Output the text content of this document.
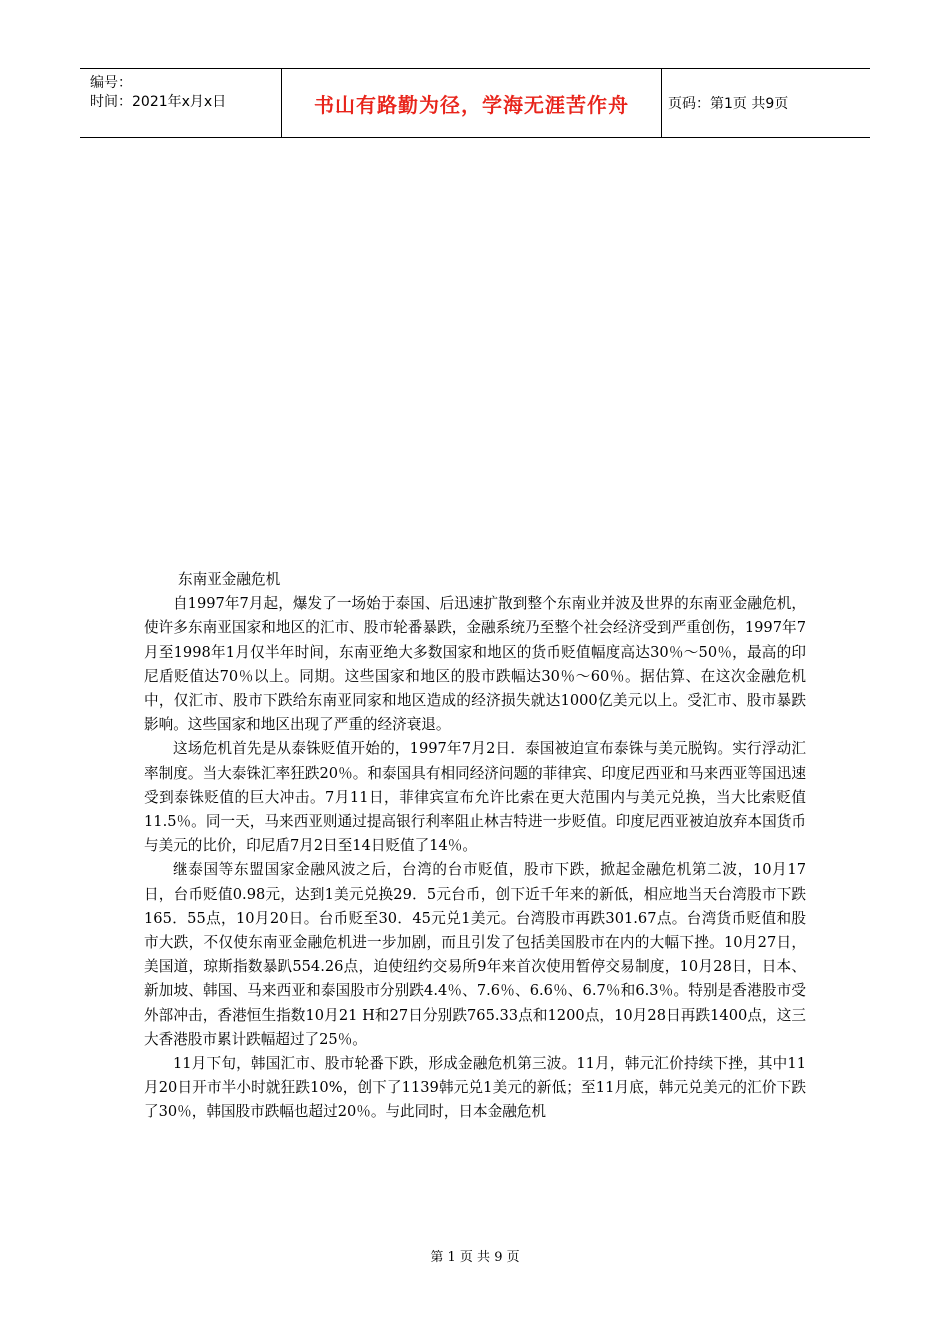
编号：
时间：2021年x月x日	书山有路勤为径，学海无涯苦作舟	页码：第1页 共9页

东南亚金融危机

自1997年7月起，爆发了一场始于泰国、后迅速扩散到整个东南业并波及世界的东南亚金融危机，使许多东南亚国家和地区的汇市、股市轮番暴跌，金融系统乃至整个社会经济受到严重创伤，1997年7月至1998年1月仅半年时间，东南亚绝大多数国家和地区的货币贬值幅度高达30％～50％，最高的印尼盾贬值达70％以上。同期。这些国家和地区的股市跌幅达30％～60％。据估算、在这次金融危机中，仅汇市、股市下跌给东南亚同家和地区造成的经济损失就达1000亿美元以上。受汇市、股市暴跌影响。这些国家和地区出现了严重的经济衰退。

这场危机首先是从泰铢贬值开始的，1997年7月2日．泰国被迫宣布泰铢与美元脱钩。实行浮动汇率制度。当大泰铢汇率狂跌20％。和泰国具有相同经济问题的菲律宾、印度尼西亚和马来西亚等国迅速受到泰铢贬值的巨大冲击。7月11日，菲律宾宣布允许比索在更大范围内与美元兑换，当大比索贬值11.5％。同一天，马来西亚则通过提高银行利率阻止林吉特进一步贬值。印度尼西亚被迫放弃本国货币与美元的比价，印尼盾7月2日至14日贬值了14％。

继泰国等东盟国家金融风波之后，台湾的台市贬值，股市下跌，掀起金融危机第二波，10月17日，台币贬值0.98元，达到1美元兑换29．5元台币，创下近千年来的新低，相应地当天台湾股市下跌165．55点，10月20日。台币贬至30．45元兑1美元。台湾股市再跌301.67点。台湾货币贬值和股市大跌，不仅使东南亚金融危机进一步加剧，而且引发了包括美国股市在内的大幅下挫。10月27日，美国道，琼斯指数暴趴554.26点，迫使纽约交易所9年来首次使用暂停交易制度，10月28日，日本、新加坡、韩国、马来西亚和泰国股市分别跌4.4％、7.6％、6.6％、6.7％和6.3％。特别是香港股市受外部冲击，香港恒生指数10月21 H和27日分别跌765.33点和1200点，10月28日再跌1400点，这三大香港股市累计跌幅超过了25％。

11月下旬，韩国汇市、股市轮番下跌，形成金融危机第三波。11月，韩元汇价持续下挫，其中11月20日开市半小时就狂跌10%，创下了1139韩元兑1美元的新低；至11月底，韩元兑美元的汇价下跌了30％，韩国股市跌幅也超过20％。与此同时，日本金融危机

第 1 页 共 9 页
